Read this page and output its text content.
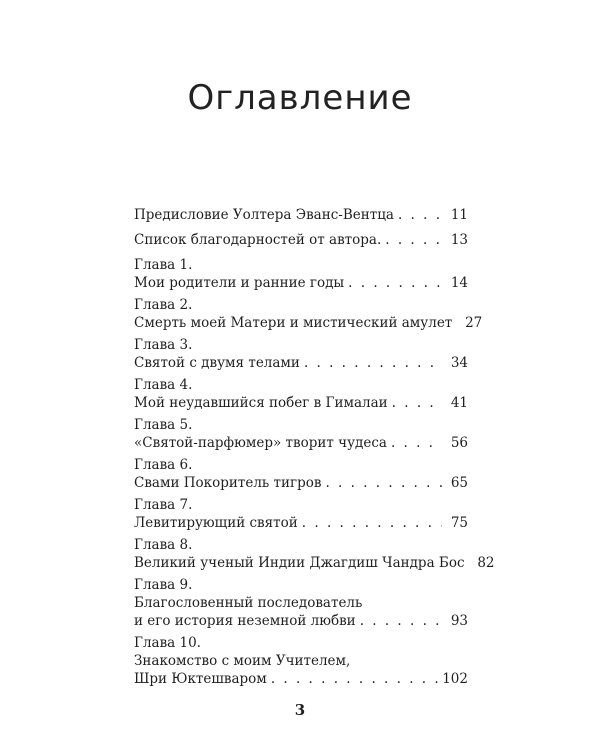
Оглавление
Предисловие Уолтера Эванс-Вентца . . .	11
Список благодарностей от автора. . . .	13
Глава 1.
Мои родители и ранние годы . . .	14
Глава 2.
Смерть моей Матери и мистический амулет 27
Глава 3.
Святой с двумя телами . . .	34
Глава 4.
Мой неудавшийся побег в Гималаи . . .	41
Глава 5.
«Святой-парфюмер» творит чудеса . . .	56
Глава 6.
Свами Покоритель тигров . . .	65
Глава 7.
Левитирующий святой . . .	75
Глава 8.
Великий ученый Индии Джагдиш Чандра Бос 82
Глава 9.
Благословенный последователь
и его история неземной любви . . .	93
Глава 10.
Знакомство с моим Учителем,
Шри Юктешваром . . .	102
3
